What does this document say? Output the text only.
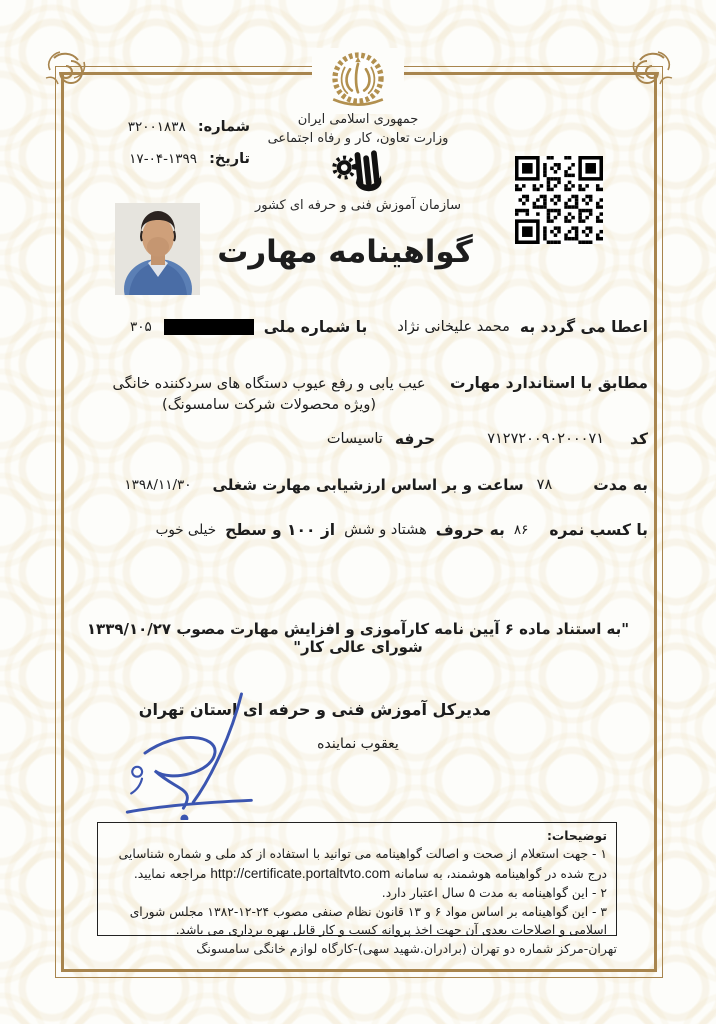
جمهوری اسلامی ایران
وزارت تعاون، کار و رفاه اجتماعی
سازمان آموزش فنی و حرفه ای کشور
شماره: ۳۲۰۰۱۸۳۸
تاریخ: ۱۳۹۹-۰۴-۱۷
گواهینامه مهارت
اعطا می گردد به
محمد علیخانی نژاد
با شماره ملی
۳۰۵
مطابق با استاندارد مهارت
عیب یابی و رفع عیوب دستگاه های سردکننده خانگی
(ویژه محصولات شرکت سامسونگ)
کد
۷۱۲۷۲۰۰۹۰۲۰۰۰۷۱
حرفه
تاسیسات
به مدت
۷۸
ساعت و بر اساس ارزشیابی مهارت شغلی
۱۳۹۸/۱۱/۳۰
با کسب نمره
۸۶
به حروف
هشتاد و شش
از ۱۰۰ و سطح
خیلی خوب
"به استناد ماده ۶ آیین نامه کارآموزی و افزایش مهارت مصوب ۱۳۳۹/۱۰/۲۷ شورای عالی کار"
مدیرکل آموزش فنی و حرفه ای استان تهران
یعقوب نماینده
توضیحات:
۱ - جهت استعلام از صحت و اصالت گواهینامه می توانید با استفاده از کد ملی و شماره شناسایی درج شده در گواهینامه هوشمند، به سامانه http://certificate.portaltvto.com مراجعه نمایید.
۲ - این گواهینامه به مدت ۵ سال اعتبار دارد.
۳ - این گواهینامه بر اساس مواد ۶ و ۱۳ قانون نظام صنفی مصوب ۲۴-۱۲-۱۳۸۲ مجلس شورای اسلامی و اصلاحات بعدی آن جهت اخذ پروانه کسب و کار قابل بهره برداری می باشد.
تهران-مرکز شماره دو تهران (برادران.شهید سهی)-کارگاه لوازم خانگی سامسونگ
